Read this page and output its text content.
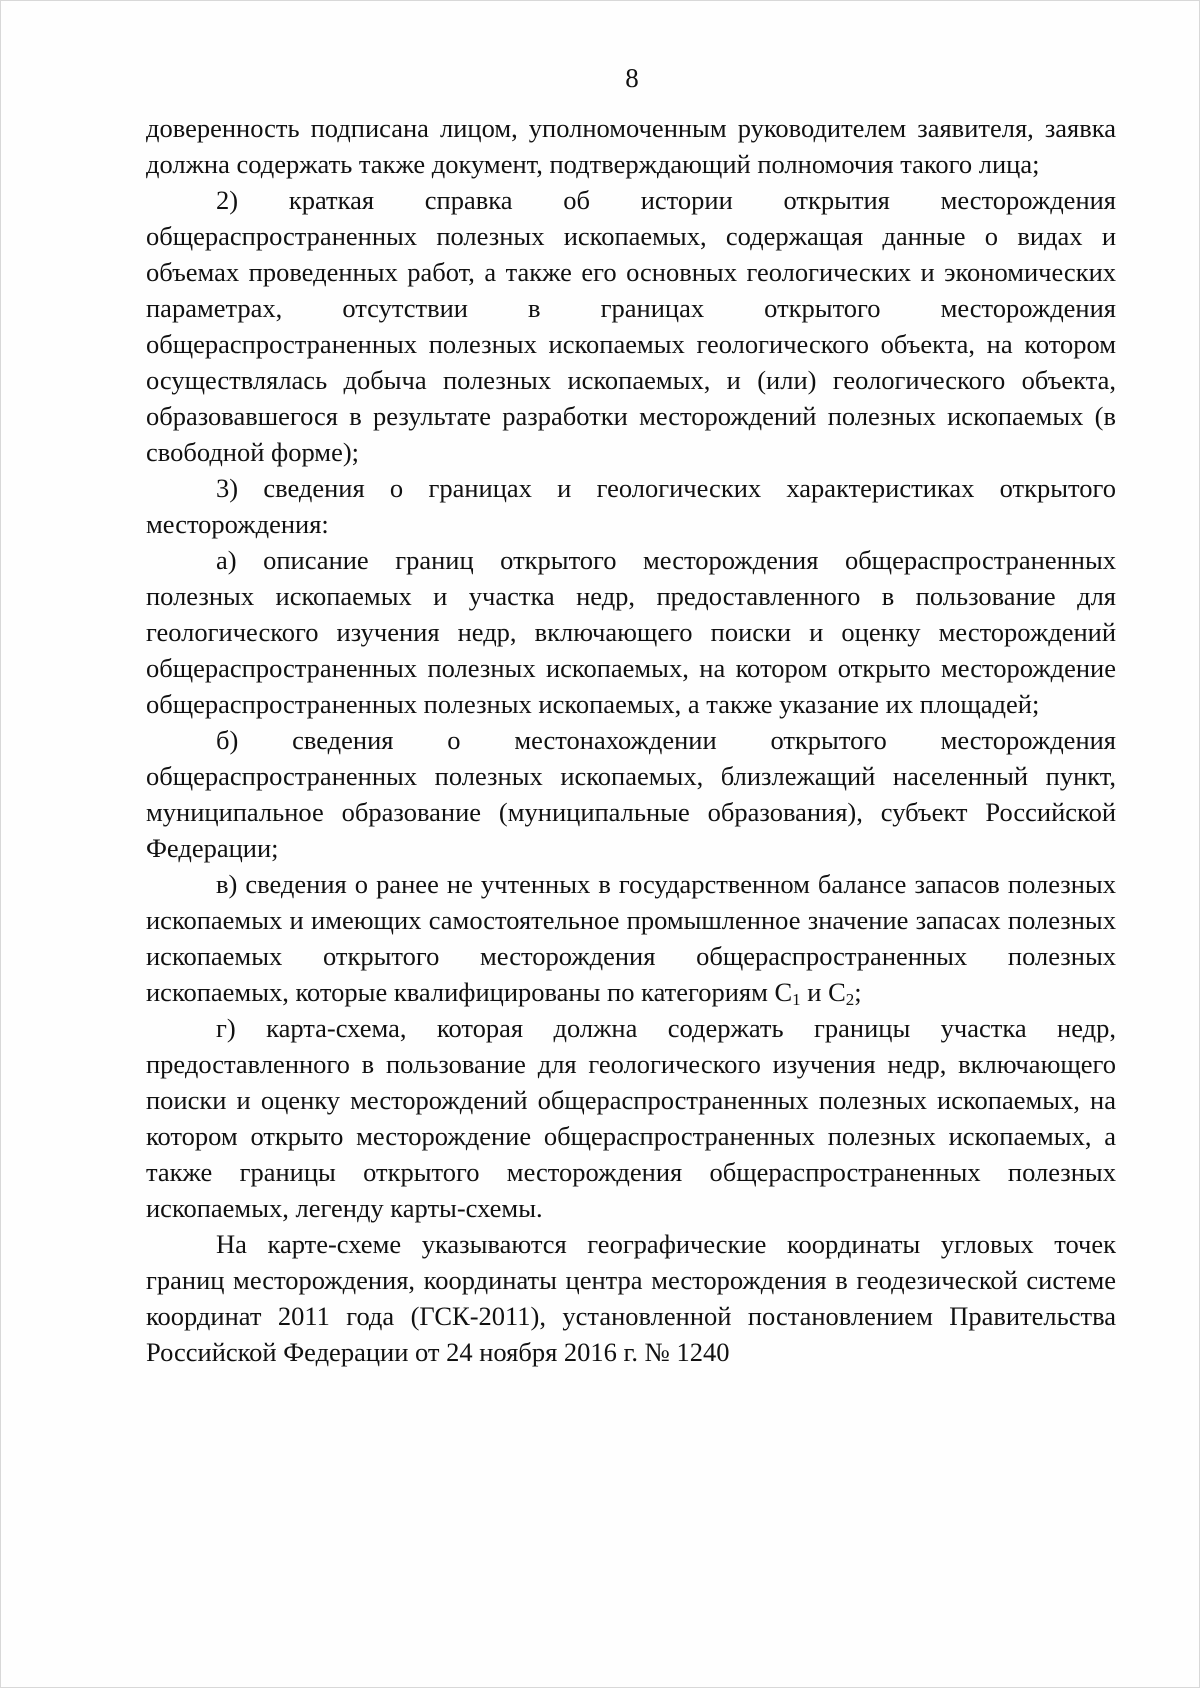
8

доверенность подписана лицом, уполномоченным руководителем заявителя, заявка должна содержать также документ, подтверждающий полномочия такого лица;

2) краткая справка об истории открытия месторождения общераспространенных полезных ископаемых, содержащая данные о видах и объемах проведенных работ, а также его основных геологических и экономических параметрах, отсутствии в границах открытого месторождения общераспространенных полезных ископаемых геологического объекта, на котором осуществлялась добыча полезных ископаемых, и (или) геологического объекта, образовавшегося в результате разработки месторождений полезных ископаемых (в свободной форме);

3) сведения о границах и геологических характеристиках открытого месторождения:

а) описание границ открытого месторождения общераспространенных полезных ископаемых и участка недр, предоставленного в пользование для геологического изучения недр, включающего поиски и оценку месторождений общераспространенных полезных ископаемых, на котором открыто месторождение общераспространенных полезных ископаемых, а также указание их площадей;

б) сведения о местонахождении открытого месторождения общераспространенных полезных ископаемых, близлежащий населенный пункт, муниципальное образование (муниципальные образования), субъект Российской Федерации;

в) сведения о ранее не учтенных в государственном балансе запасов полезных ископаемых и имеющих самостоятельное промышленное значение запасах полезных ископаемых открытого месторождения общераспространенных полезных ископаемых, которые квалифицированы по категориям $С_1$ и $С_2$;

г) карта-схема, которая должна содержать границы участка недр, предоставленного в пользование для геологического изучения недр, включающего поиски и оценку месторождений общераспространенных полезных ископаемых, на котором открыто месторождение общераспространенных полезных ископаемых, а также границы открытого месторождения общераспространенных полезных ископаемых, легенду карты-схемы.

На карте-схеме указываются географические координаты угловых точек границ месторождения, координаты центра месторождения в геодезической системе координат 2011 года (ГСК-2011), установленной постановлением Правительства Российской Федерации от 24 ноября 2016 г. № 1240
